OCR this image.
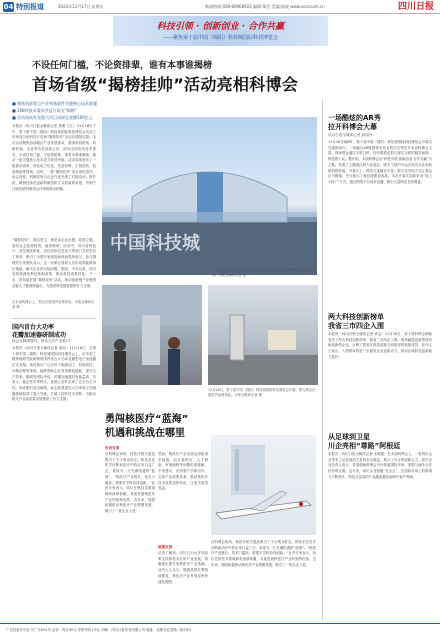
04 特别报道	2023年11月17日 星期五	新闻热线:028-86968922 编辑:郑芸 美编:杨波 www.scol.com.cn	四川日报
科技引领 · 创新创业 · 合作共赢
——聚焦第十届中国（绵阳）科技城国际科技博览会
不设任何门槛，不论资排辈，谁有本事谁揭榜
首场省级“揭榜挂帅”活动亮相科博会
■ 聚焦西部重点产业和基础性关键核心技术难题
■ 308项技术需求共征订成交“揭榜”
■ 活动现场发布重大项目成果总金额500亿元
本报讯（四川日报全媒体记者 燕瑾 王江）11月16日下午，第十届中国（绵阳）科技城国际科技博览会活动之首场四川省科技厅首场“揭榜挂帅”活动在绵阳启幕。本次活动聚焦西部地区产业发展需求，邀请高校院所、科研机构、企业等各类创新主体，面向全国发布技术需求，不设任何门槛，不论资排辈，谁有本事谁揭榜，推动一批关键核心技术攻关取得突破。活动现场发布了一批需求清单，涉及电子信息、先进材料、生物医药、装备制造等领域。同时，一批“揭榜挂帅”项目现场签约，参会高校、科研院所与企业代表开展了对接洽谈。据介绍，揭榜挂帅是创新科研组织方式的重要举措，有利于打破传统科研项目评审的路径依赖。
“揭榜挂帅”，顾名思义，就是由企业出题，政府立题，面向社会张榜招贤，能者揭榜。活动中，四川省科技厅、省发展改革委、省经济和信息化厅等部门共同发布了榜单，吸引了全国多家高校和科研院所参与。参与揭榜的专家团队表示，这一机制让科研人员的成果能够真正落地，解决企业的实际问题。据悉，今年以来，四川省持续深化科技体制改革，推动科技成果转化。下一步，将持续开展“揭榜挂帅”活动，推动创新链产业链资金链人才链深度融合，为建设科技强省提供有力支撑。
中国科技城
11月16日，观众在第十届中国（绵阳）科技城国际科技博览会展馆外参观。本报全媒体记者 摄
11月16日，第十届中国（绵阳）科技城国际科技博览会开幕。图为观众在展馆内参观体验。本报全媒体记者 摄
在本届科博会上，观众在展馆内参观体验。本报全媒体记者 摄
国内首台大功率
花瓣加速器研制成功
助企业降碳增效，推动光伏产业链CT
本报讯（四川日报全媒体记者 黄河）11月16日，在第十届中国（绵阳）科技城国际科技博览会上，由中国工程物理研究院研制的国内首台大功率花瓣型电子加速器正式亮相。该设备可广泛应用于辐照加工、材料改性、环保治理等领域，能够帮助企业有效降低能耗，提升生产效率。据研发团队介绍，花瓣加速器具有能量高、功率大、稳定性好等特点，其核心部件实现了完全自主可控。该成果的成功研制，标志着我国在大功率电子加速器领域取得了重大突破，打破了国外技术垄断，为推动相关产业高质量发展提供了有力支撑。
勇闯核医疗“蓝海”
机遇和挑战在哪里
专访专家
在科博会现场，核医疗相关展品吸引了不少观众驻足。核技术在医学诊断和治疗中的应用日益广泛，被视为一片充满机遇的“蓝海”。“核医疗产业链长、技术门槛高，需要多学科协同创新。”业内专家表示，四川在核技术领域拥有深厚积累，具备发展核医疗产业的独特优势。近年来，绵阳积极推动核医疗产业集聚发展，吸引了一批企业入驻。
然而，核医疗产业发展也面临诸多挑战。同位素供应、人才储备、审批流程等问题仍需破解。专家建议，应加强产学研合作，完善产业政策体系，推动核医疗技术成果加快转化，让更多患者受益。
政策支持
记者了解到，四川已出台多项政策支持核技术应用产业发展，明确提出要打造核医疗产业高地。业内人士认为，随着政策红利持续释放，核医疗产业有望迎来快速发展期。
在科博会现场，核医疗相关展品吸引了不少观众驻足。核技术在医学诊断和治疗中的应用日益广泛，被视为一片充满机遇的“蓝海”。“核医疗产业链长、技术门槛高，需要多学科协同创新。”业内专家表示，四川在核技术领域拥有深厚积累，具备发展核医疗产业的独特优势。近年来，绵阳积极推动核医疗产业集聚发展，吸引了一批企业入驻。
一场酷炫的AR秀
拉开科博会大幕
四川日报全媒体记者 邱丽丹
11月16日晚8时，第十届中国（绵阳）科技城国际科技博览会开幕式在绵阳举行。一场融合AR增强现实技术的灯光秀拉开本届科博会大幕。现场观众通过手机扫码，即可观看虚拟与现实交织的精彩画面，科技感十足。据介绍，本届科博会以“科技引领·创新创业·合作共赢”为主题，设置了主题展区和专业展区，吸引了国内外众多知名企业和科研机构参展。开幕式上，科技元素随处可见，数字化呈现方式让观众目不暇接，充分展示了科技城建设成果。本次开幕式创新采用“线上+线下”方式，通过网络平台同步直播，吸引大量网友在线观看。
两大科技创新榜单
我省三市四企入围
本报讯（四川日报全媒体记者 高志）11月16日，第十届科博会期间发布了两大科技创新榜单，我省三市四企入围。榜单涵盖创新型城市和创新型企业，反映了我省在科技创新方面取得的积极成效。业内人士表示，入围榜单将进一步激发企业创新活力，推动区域科技创新能力提升。
从足球到卫星
川企亮相“尊路”阿根廷
本报讯（四川日报全媒体记者 史晓露）在本届科博会上，一批四川企业带来了从足球到卫星的多元展品，展示了川企的创新实力。相关企业负责人表示，希望借助科博会平台拓展国际市场，加强与海外合作伙伴的交流。近年来，四川企业积极“走出去”，在国际市场上的影响力不断提升，科技含量高的产品越来越受到海外客户青睐。
广告经营许可证 川广字001号 定价：每月30元 零售每份1.5元 印刷：四川日报印务有限公司 地址：成都市红星路二段70号
